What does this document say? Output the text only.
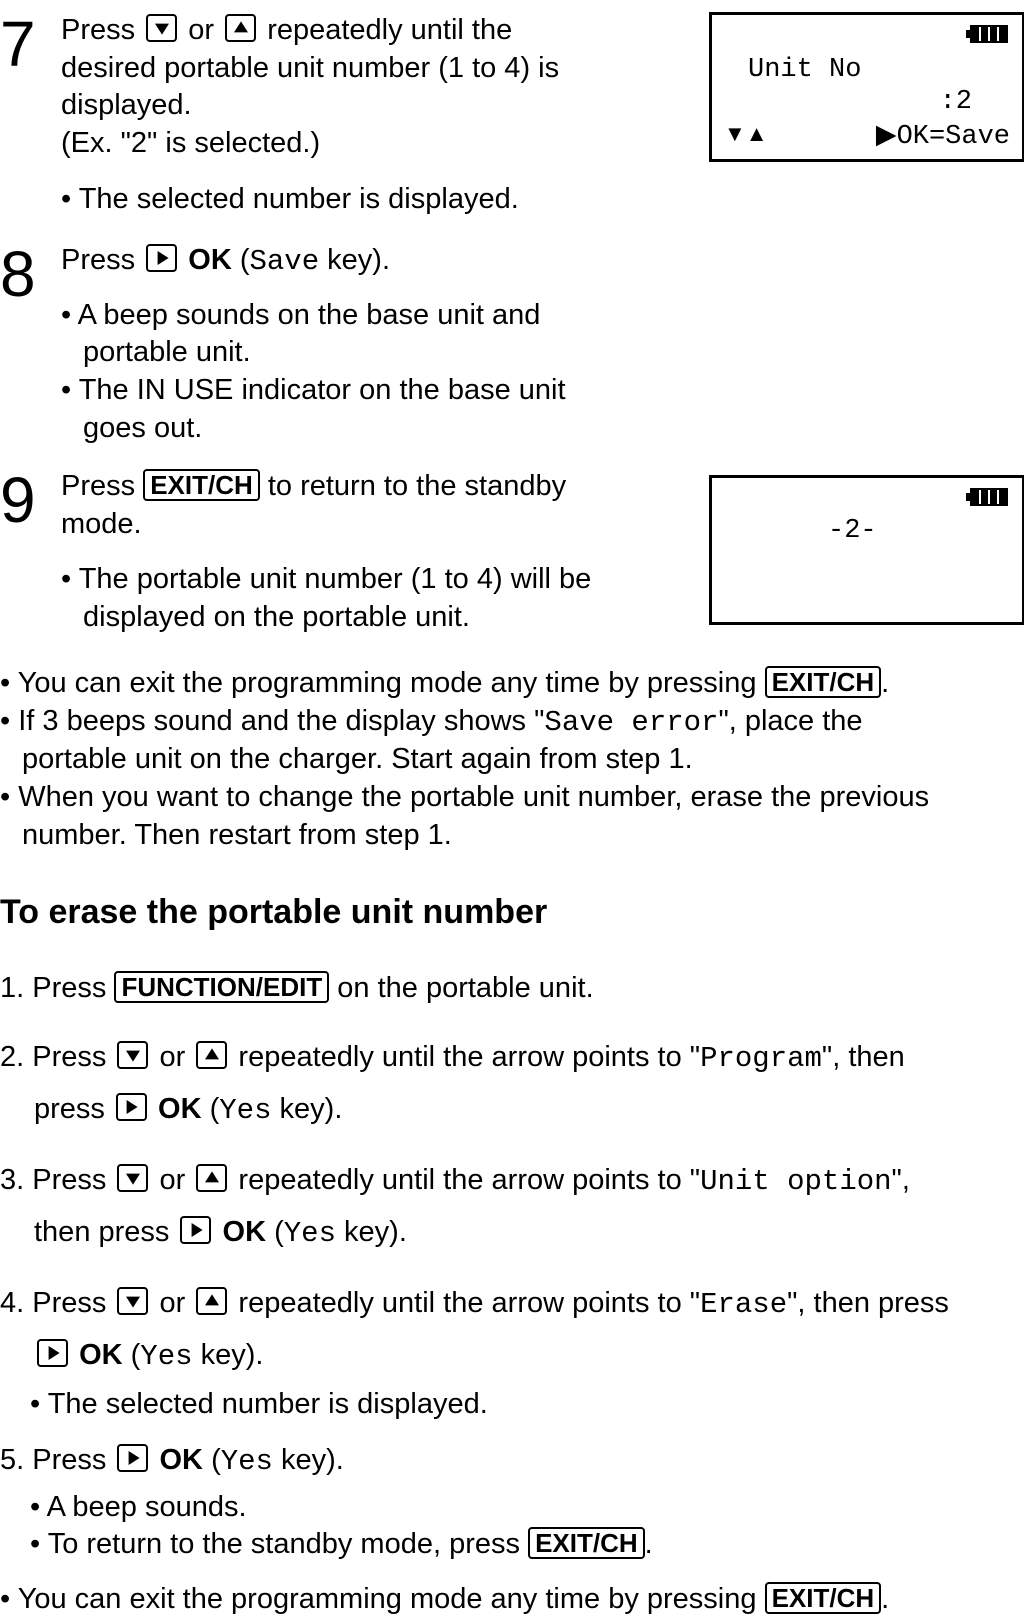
7 Press or repeatedly until the
desired portable unit number (1 to 4) is
displayed.
(Ex. "2" is selected.)
• The selected number is displayed.
Unit No
:2
▼▲	▶OK=Save
8 Press OK (Save key).
• A beep sounds on the base unit and
portable unit.
• The IN USE indicator on the base unit
goes out.
9 Press EXIT/CH to return to the standby
mode.
• The portable unit number (1 to 4) will be
displayed on the portable unit.
-2-
• You can exit the programming mode any time by pressing EXIT/CH .
• If 3 beeps sound and the display shows "Save error", place the
portable unit on the charger. Start again from step 1.
• When you want to change the portable unit number, erase the previous
number. Then restart from step 1.
To erase the portable unit number
1. Press FUNCTION/EDIT on the portable unit.
2. Press or repeatedly until the arrow points to "Program", then
press OK (Yes key).
3. Press or repeatedly until the arrow points to "Unit option",
then press OK (Yes key).
4. Press or repeatedly until the arrow points to "Erase", then press
OK (Yes key).
• The selected number is displayed.
5. Press OK (Yes key).
• A beep sounds.
• To return to the standby mode, press EXIT/CH .
• You can exit the programming mode any time by pressing EXIT/CH .
